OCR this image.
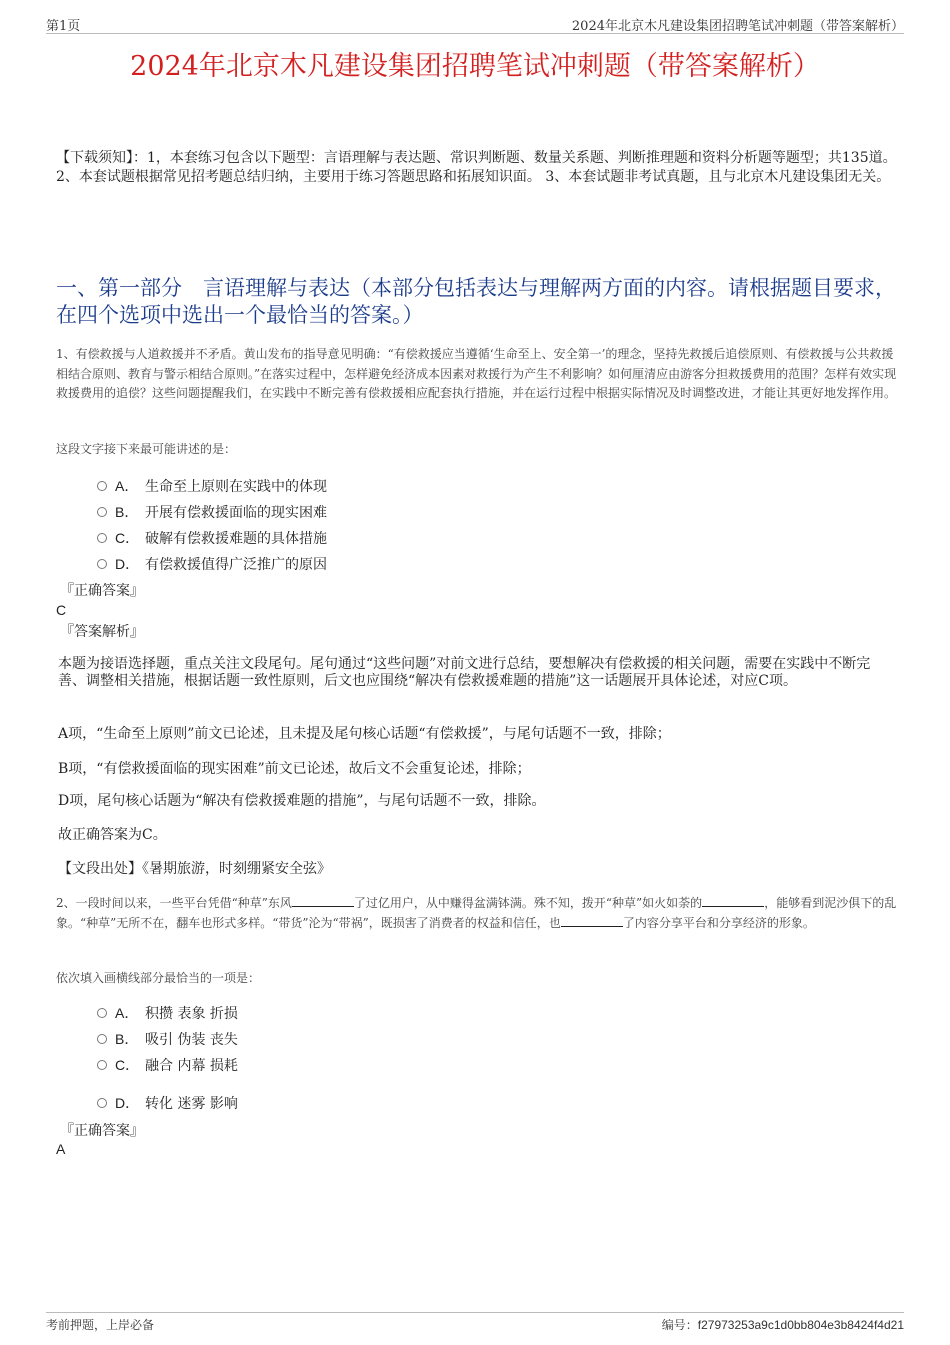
第1页	2024年北京木凡建设集团招聘笔试冲刺题（带答案解析）
2024年北京木凡建设集团招聘笔试冲刺题（带答案解析）
【下载须知】：1，本套练习包含以下题型：言语理解与表达题、常识判断题、数量关系题、判断推理题和资料分析题等题型；共135道。 2、本套试题根据常见招考题总结归纳，主要用于练习答题思路和拓展知识面。 3、本套试题非考试真题，且与北京木凡建设集团无关。
一、第一部分　言语理解与表达（本部分包括表达与理解两方面的内容。请根据题目要求，在四个选项中选出一个最恰当的答案。）
1、有偿救援与人道救援并不矛盾。黄山发布的指导意见明确：“有偿救援应当遵循‘生命至上、安全第一’的理念，坚持先救援后追偿原则、有偿救援与公共救援相结合原则、教育与警示相结合原则。”在落实过程中，怎样避免经济成本因素对救援行为产生不利影响？如何厘清应由游客分担救援费用的范围？怎样有效实现救援费用的追偿？这些问题提醒我们，在实践中不断完善有偿救援相应配套执行措施，并在运行过程中根据实际情况及时调整改进，才能让其更好地发挥作用。
这段文字接下来最可能讲述的是：
A． 生命至上原则在实践中的体现
B． 开展有偿救援面临的现实困难
C． 破解有偿救援难题的具体措施
D． 有偿救援值得广泛推广的原因
『正确答案』
C
『答案解析』
本题为接语选择题，重点关注文段尾句。尾句通过“这些问题”对前文进行总结，要想解决有偿救援的相关问题，需要在实践中不断完善、调整相关措施，根据话题一致性原则，后文也应围绕“解决有偿救援难题的措施”这一话题展开具体论述，对应C项。
A项，“生命至上原则”前文已论述，且未提及尾句核心话题“有偿救援”，与尾句话题不一致，排除；
B项，“有偿救援面临的现实困难”前文已论述，故后文不会重复论述，排除；
D项，尾句核心话题为“解决有偿救援难题的措施”，与尾句话题不一致，排除。
故正确答案为C。
【文段出处】《暑期旅游，时刻绷紧安全弦》
2、一段时间以来，一些平台凭借“种草”东风	了过亿用户，从中赚得盆满钵满。殊不知，拨开“种草”如火如荼的	，能够看到泥沙俱下的乱象。“种草”无所不在，翻车也形式多样。“带货”沦为“带祸”，既损害了消费者的权益和信任，也	了内容分享平台和分享经济的形象。
依次填入画横线部分最恰当的一项是：
A． 积攒 表象 折损
B． 吸引 伪装 丧失
C． 融合 内幕 损耗
D． 转化 迷雾 影响
『正确答案』
A
考前押题，上岸必备	编号：f27973253a9c1d0bb804e3b8424f4d21
